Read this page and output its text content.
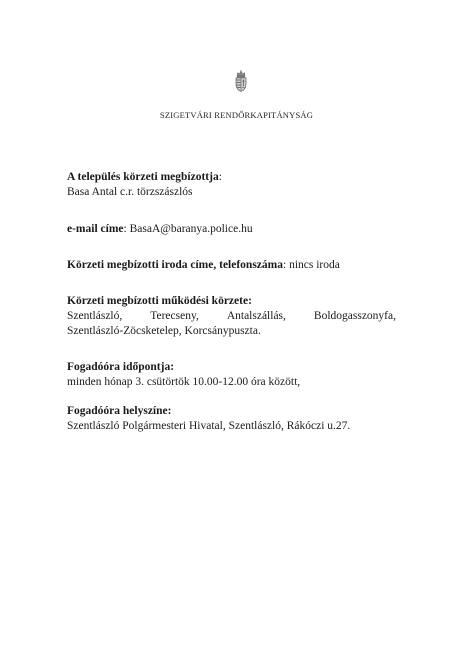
SZIGETVÁRI RENDŐRKAPITÁNYSÁG
A település körzeti megbízottja:
Basa Antal c.r. törzszászlós
e-mail címe: BasaA@baranya.police.hu
Körzeti megbízotti iroda címe, telefonszáma: nincs iroda
Körzeti megbízotti működési körzete:
Szentlászló, Terecseny, Antalszállás, Boldogasszonyfa,
Szentlászló-Zöcsketelep, Korcsánypuszta.
Fogadóóra időpontja:
minden hónap 3. csütörtök 10.00-12.00 óra között,
Fogadóóra helyszíne:
Szentlászló Polgármesteri Hivatal, Szentlászló, Rákóczi u.27.
